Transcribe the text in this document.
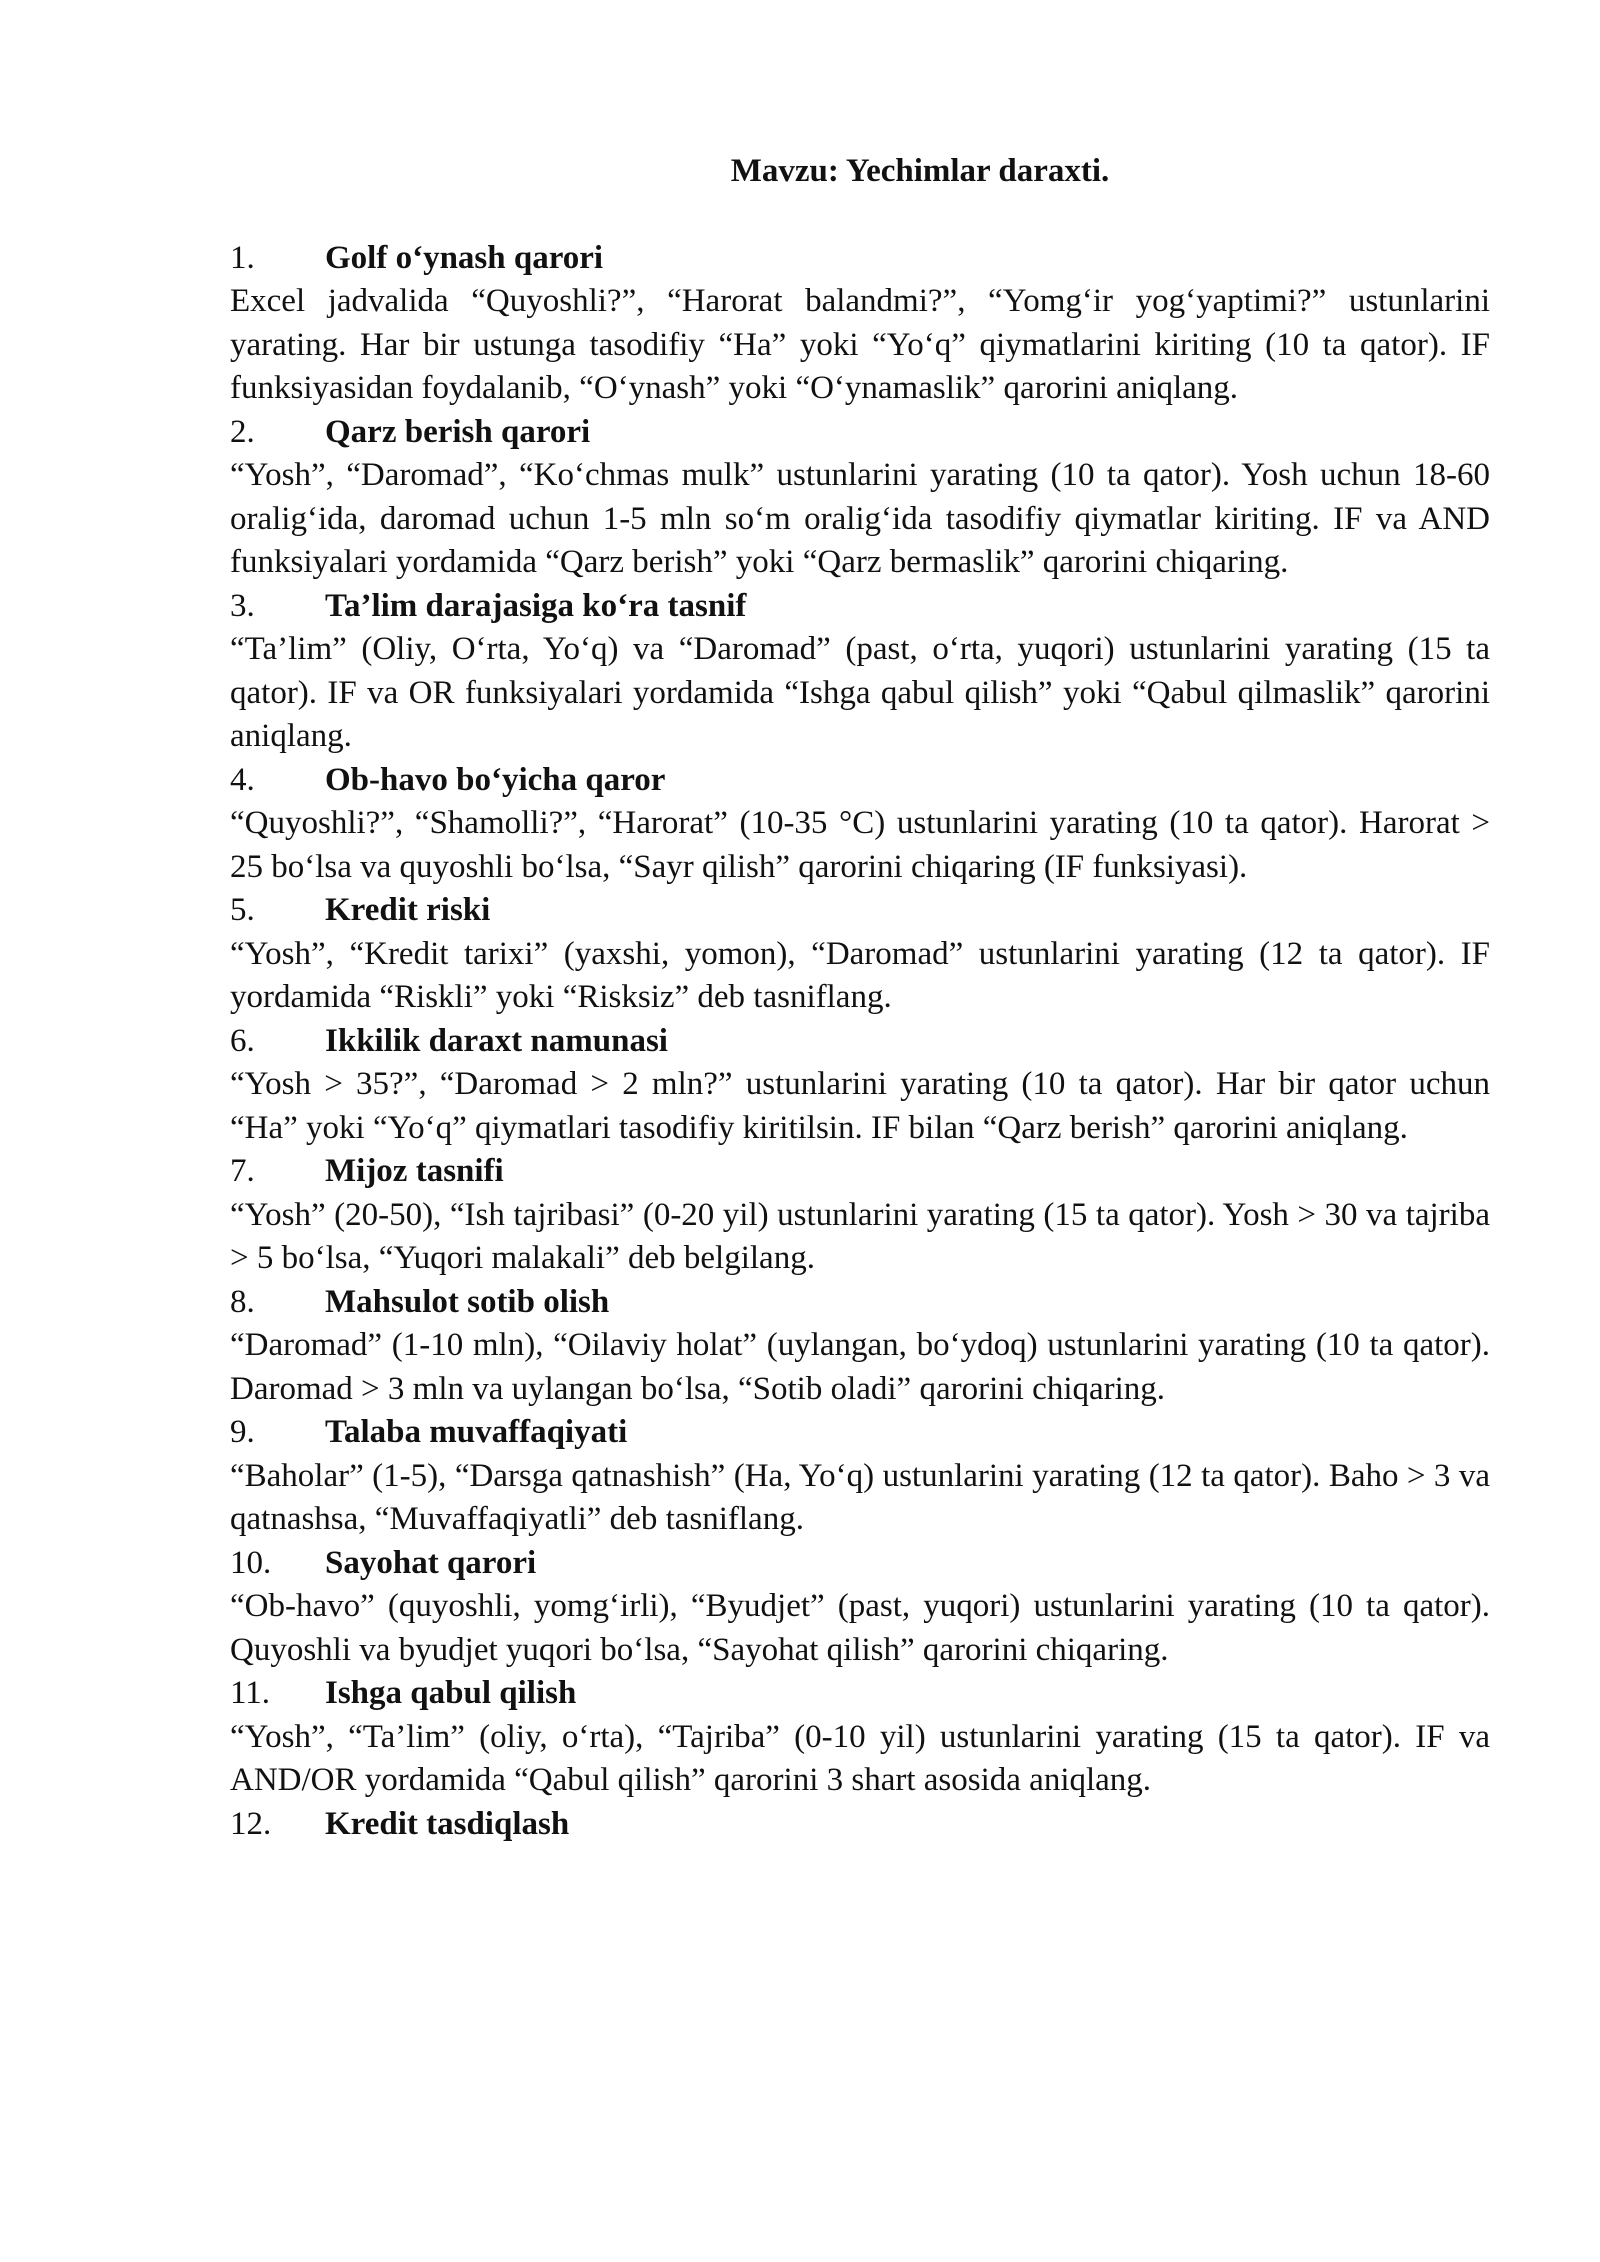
Mavzu: Yechimlar daraxti.
1.	Golf o‘ynash qarori

Excel jadvalida “Quyoshli?”, “Harorat balandmi?”, “Yomg‘ir yog‘yaptimi?” ustunlarini yarating. Har bir ustunga tasodifiy “Ha” yoki “Yo‘q” qiymatlarini kiriting (10 ta qator). IF funksiyasidan foydalanib, “O‘ynash” yoki “O‘ynamaslik” qarorini aniqlang.

2.	Qarz berish qarori

“Yosh”, “Daromad”, “Ko‘chmas mulk” ustunlarini yarating (10 ta qator). Yosh uchun 18-60 oralig‘ida, daromad uchun 1-5 mln so‘m oralig‘ida tasodifiy qiymatlar kiriting. IF va AND funksiyalari yordamida “Qarz berish” yoki “Qarz bermaslik” qarorini chiqaring.

3.	Ta’lim darajasiga ko‘ra tasnif

“Ta’lim” (Oliy, O‘rta, Yo‘q) va “Daromad” (past, o‘rta, yuqori) ustunlarini yarating (15 ta qator). IF va OR funksiyalari yordamida “Ishga qabul qilish” yoki “Qabul qilmaslik” qarorini aniqlang.

4.	Ob-havo bo‘yicha qaror

“Quyoshli?”, “Shamolli?”, “Harorat” (10-35 °C) ustunlarini yarating (10 ta qator). Harorat > 25 bo‘lsa va quyoshli bo‘lsa, “Sayr qilish” qarorini chiqaring (IF funksiyasi).

5.	Kredit riski

“Yosh”, “Kredit tarixi” (yaxshi, yomon), “Daromad” ustunlarini yarating (12 ta qator). IF yordamida “Riskli” yoki “Risksiz” deb tasniflang.

6.	Ikkilik daraxt namunasi

“Yosh > 35?”, “Daromad > 2 mln?” ustunlarini yarating (10 ta qator). Har bir qator uchun “Ha” yoki “Yo‘q” qiymatlari tasodifiy kiritilsin. IF bilan “Qarz berish” qarorini aniqlang.

7.	Mijoz tasnifi

“Yosh” (20-50), “Ish tajribasi” (0-20 yil) ustunlarini yarating (15 ta qator). Yosh > 30 va tajriba > 5 bo‘lsa, “Yuqori malakali” deb belgilang.

8.	Mahsulot sotib olish

“Daromad” (1-10 mln), “Oilaviy holat” (uylangan, bo‘ydoq) ustunlarini yarating (10 ta qator). Daromad > 3 mln va uylangan bo‘lsa, “Sotib oladi” qarorini chiqaring.

9.	Talaba muvaffaqiyati

“Baholar” (1-5), “Darsga qatnashish” (Ha, Yo‘q) ustunlarini yarating (12 ta qator). Baho > 3 va qatnashsa, “Muvaffaqiyatli” deb tasniflang.

10.	Sayohat qarori

“Ob-havo” (quyoshli, yomg‘irli), “Byudjet” (past, yuqori) ustunlarini yarating (10 ta qator). Quyoshli va byudjet yuqori bo‘lsa, “Sayohat qilish” qarorini chiqaring.

11.	Ishga qabul qilish

“Yosh”, “Ta’lim” (oliy, o‘rta), “Tajriba” (0-10 yil) ustunlarini yarating (15 ta qator). IF va AND/OR yordamida “Qabul qilish” qarorini 3 shart asosida aniqlang.

12.	Kredit tasdiqlash
